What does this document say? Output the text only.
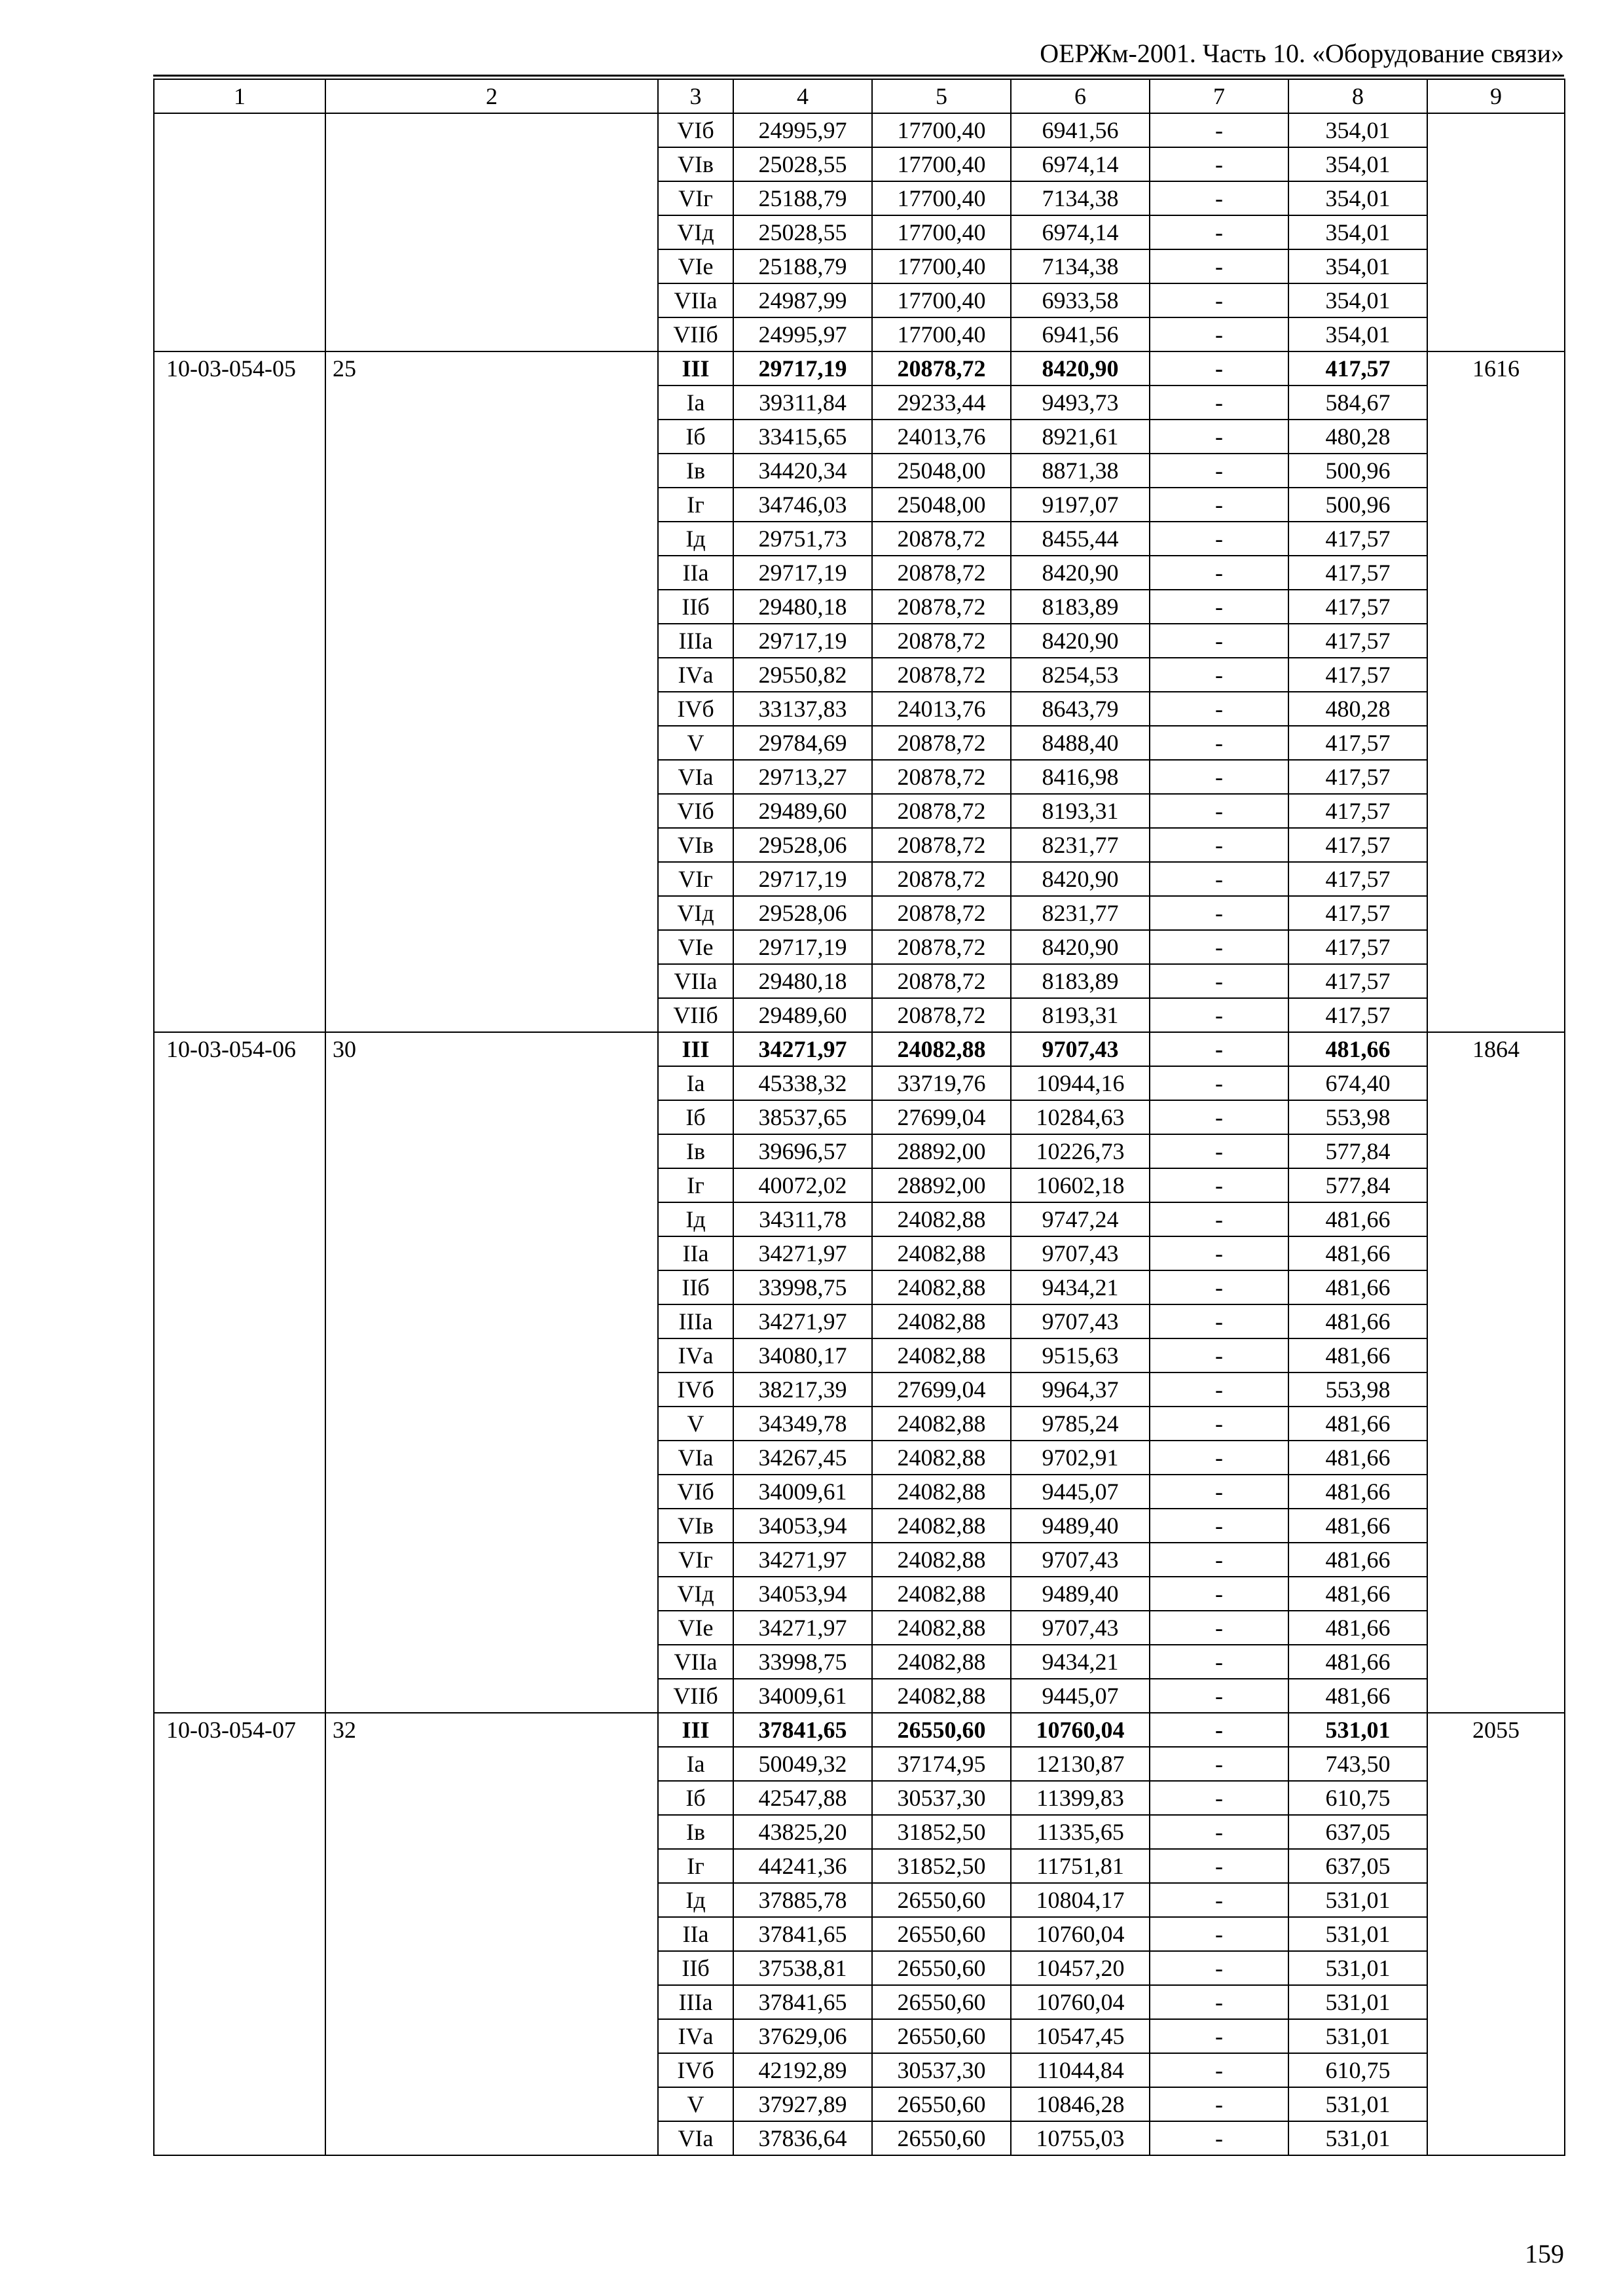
ОЕРЖм-2001. Часть 10. «Оборудование связи»
1	2	3	4	5	6	7	8	9
		VIб	24995,97	17700,40	6941,56	-	354,01	
		VIв	25028,55	17700,40	6974,14	-	354,01	
		VIг	25188,79	17700,40	7134,38	-	354,01	
		VIд	25028,55	17700,40	6974,14	-	354,01	
		VIе	25188,79	17700,40	7134,38	-	354,01	
		VIIа	24987,99	17700,40	6933,58	-	354,01	
		VIIб	24995,97	17700,40	6941,56	-	354,01	
10-03-054-05	25	III	29717,19	20878,72	8420,90	-	417,57	1616
		Iа	39311,84	29233,44	9493,73	-	584,67	
		Iб	33415,65	24013,76	8921,61	-	480,28	
		Iв	34420,34	25048,00	8871,38	-	500,96	
		Iг	34746,03	25048,00	9197,07	-	500,96	
		Iд	29751,73	20878,72	8455,44	-	417,57	
		IIа	29717,19	20878,72	8420,90	-	417,57	
		IIб	29480,18	20878,72	8183,89	-	417,57	
		IIIа	29717,19	20878,72	8420,90	-	417,57	
		IVа	29550,82	20878,72	8254,53	-	417,57	
		IVб	33137,83	24013,76	8643,79	-	480,28	
		V	29784,69	20878,72	8488,40	-	417,57	
		VIа	29713,27	20878,72	8416,98	-	417,57	
		VIб	29489,60	20878,72	8193,31	-	417,57	
		VIв	29528,06	20878,72	8231,77	-	417,57	
		VIг	29717,19	20878,72	8420,90	-	417,57	
		VIд	29528,06	20878,72	8231,77	-	417,57	
		VIе	29717,19	20878,72	8420,90	-	417,57	
		VIIа	29480,18	20878,72	8183,89	-	417,57	
		VIIб	29489,60	20878,72	8193,31	-	417,57	
10-03-054-06	30	III	34271,97	24082,88	9707,43	-	481,66	1864
		Iа	45338,32	33719,76	10944,16	-	674,40	
		Iб	38537,65	27699,04	10284,63	-	553,98	
		Iв	39696,57	28892,00	10226,73	-	577,84	
		Iг	40072,02	28892,00	10602,18	-	577,84	
		Iд	34311,78	24082,88	9747,24	-	481,66	
		IIа	34271,97	24082,88	9707,43	-	481,66	
		IIб	33998,75	24082,88	9434,21	-	481,66	
		IIIа	34271,97	24082,88	9707,43	-	481,66	
		IVа	34080,17	24082,88	9515,63	-	481,66	
		IVб	38217,39	27699,04	9964,37	-	553,98	
		V	34349,78	24082,88	9785,24	-	481,66	
		VIа	34267,45	24082,88	9702,91	-	481,66	
		VIб	34009,61	24082,88	9445,07	-	481,66	
		VIв	34053,94	24082,88	9489,40	-	481,66	
		VIг	34271,97	24082,88	9707,43	-	481,66	
		VIд	34053,94	24082,88	9489,40	-	481,66	
		VIе	34271,97	24082,88	9707,43	-	481,66	
		VIIа	33998,75	24082,88	9434,21	-	481,66	
		VIIб	34009,61	24082,88	9445,07	-	481,66	
10-03-054-07	32	III	37841,65	26550,60	10760,04	-	531,01	2055
		Iа	50049,32	37174,95	12130,87	-	743,50	
		Iб	42547,88	30537,30	11399,83	-	610,75	
		Iв	43825,20	31852,50	11335,65	-	637,05	
		Iг	44241,36	31852,50	11751,81	-	637,05	
		Iд	37885,78	26550,60	10804,17	-	531,01	
		IIа	37841,65	26550,60	10760,04	-	531,01	
		IIб	37538,81	26550,60	10457,20	-	531,01	
		IIIа	37841,65	26550,60	10760,04	-	531,01	
		IVа	37629,06	26550,60	10547,45	-	531,01	
		IVб	42192,89	30537,30	11044,84	-	610,75	
		V	37927,89	26550,60	10846,28	-	531,01	
		VIа	37836,64	26550,60	10755,03	-	531,01	
159
